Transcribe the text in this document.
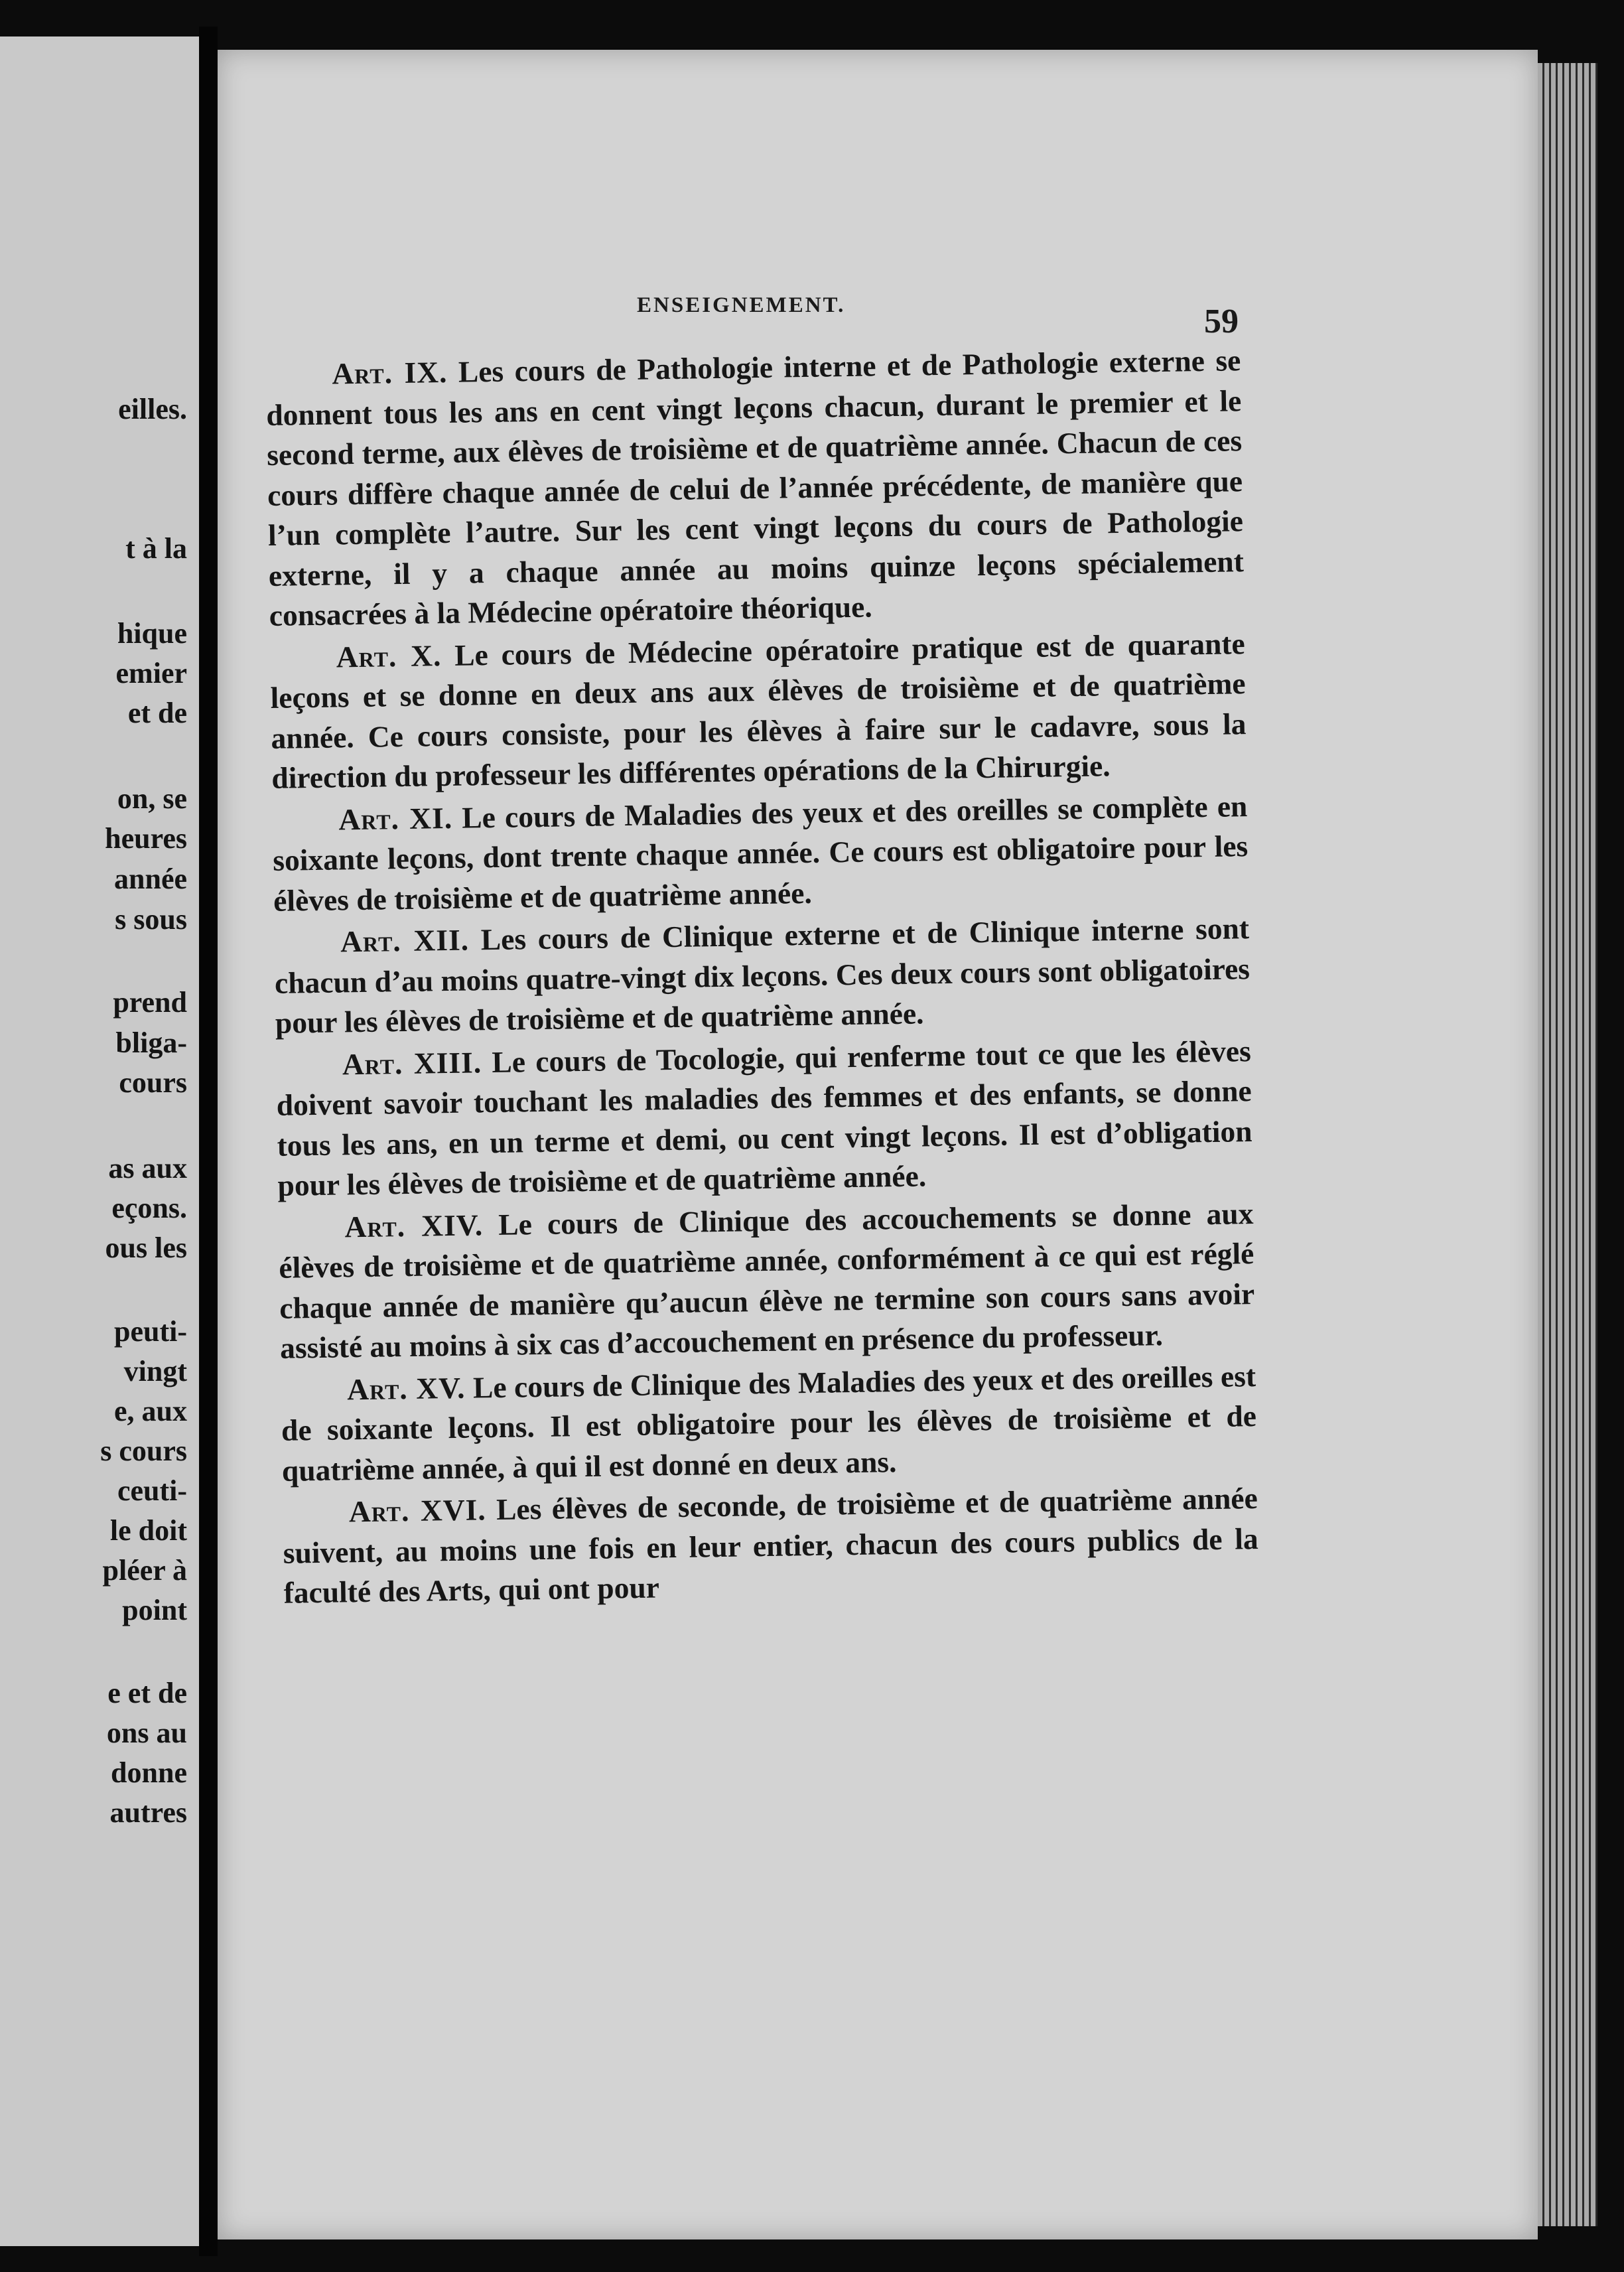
eilles.
t à la
hique
emier
et de
on, se
heures
année
s sous
prend
bliga-
cours
as aux
eçons.
ous les
peuti-
vingt
e, aux
s cours
ceuti-
le doit
pléer à
point
e et de
ons au
donne
autres
ENSEIGNEMENT.	59

Art. IX. Les cours de Pathologie interne et de Pathologie externe se donnent tous les ans en cent vingt leçons chacun, durant le premier et le second terme, aux élèves de troisième et de quatrième année. Chacun de ces cours diffère chaque année de celui de l’année précédente, de manière que l’un complète l’autre. Sur les cent vingt leçons du cours de Pathologie externe, il y a chaque année au moins quinze leçons spécialement consacrées à la Médecine opératoire théorique.

Art. X. Le cours de Médecine opératoire pratique est de quarante leçons et se donne en deux ans aux élèves de troisième et de quatrième année. Ce cours consiste, pour les élèves à faire sur le cadavre, sous la direction du professeur les différentes opérations de la Chirurgie.

Art. XI. Le cours de Maladies des yeux et des oreilles se complète en soixante leçons, dont trente chaque année. Ce cours est obligatoire pour les élèves de troisième et de quatrième année.

Art. XII. Les cours de Clinique externe et de Clinique interne sont chacun d’au moins quatre-vingt dix leçons. Ces deux cours sont obligatoires pour les élèves de troisième et de quatrième année.

Art. XIII. Le cours de Tocologie, qui renferme tout ce que les élèves doivent savoir touchant les maladies des femmes et des enfants, se donne tous les ans, en un terme et demi, ou cent vingt leçons. Il est d’obligation pour les élèves de troisième et de quatrième année.

Art. XIV. Le cours de Clinique des accouchements se donne aux élèves de troisième et de quatrième année, conformément à ce qui est réglé chaque année de manière qu’aucun élève ne termine son cours sans avoir assisté au moins à six cas d’accouchement en présence du professeur.

Art. XV. Le cours de Clinique des Maladies des yeux et des oreilles est de soixante leçons. Il est obligatoire pour les élèves de troisième et de quatrième année, à qui il est donné en deux ans.

Art. XVI. Les élèves de seconde, de troisième et de quatrième année suivent, au moins une fois en leur entier, chacun des cours publics de la faculté des Arts, qui ont pour
